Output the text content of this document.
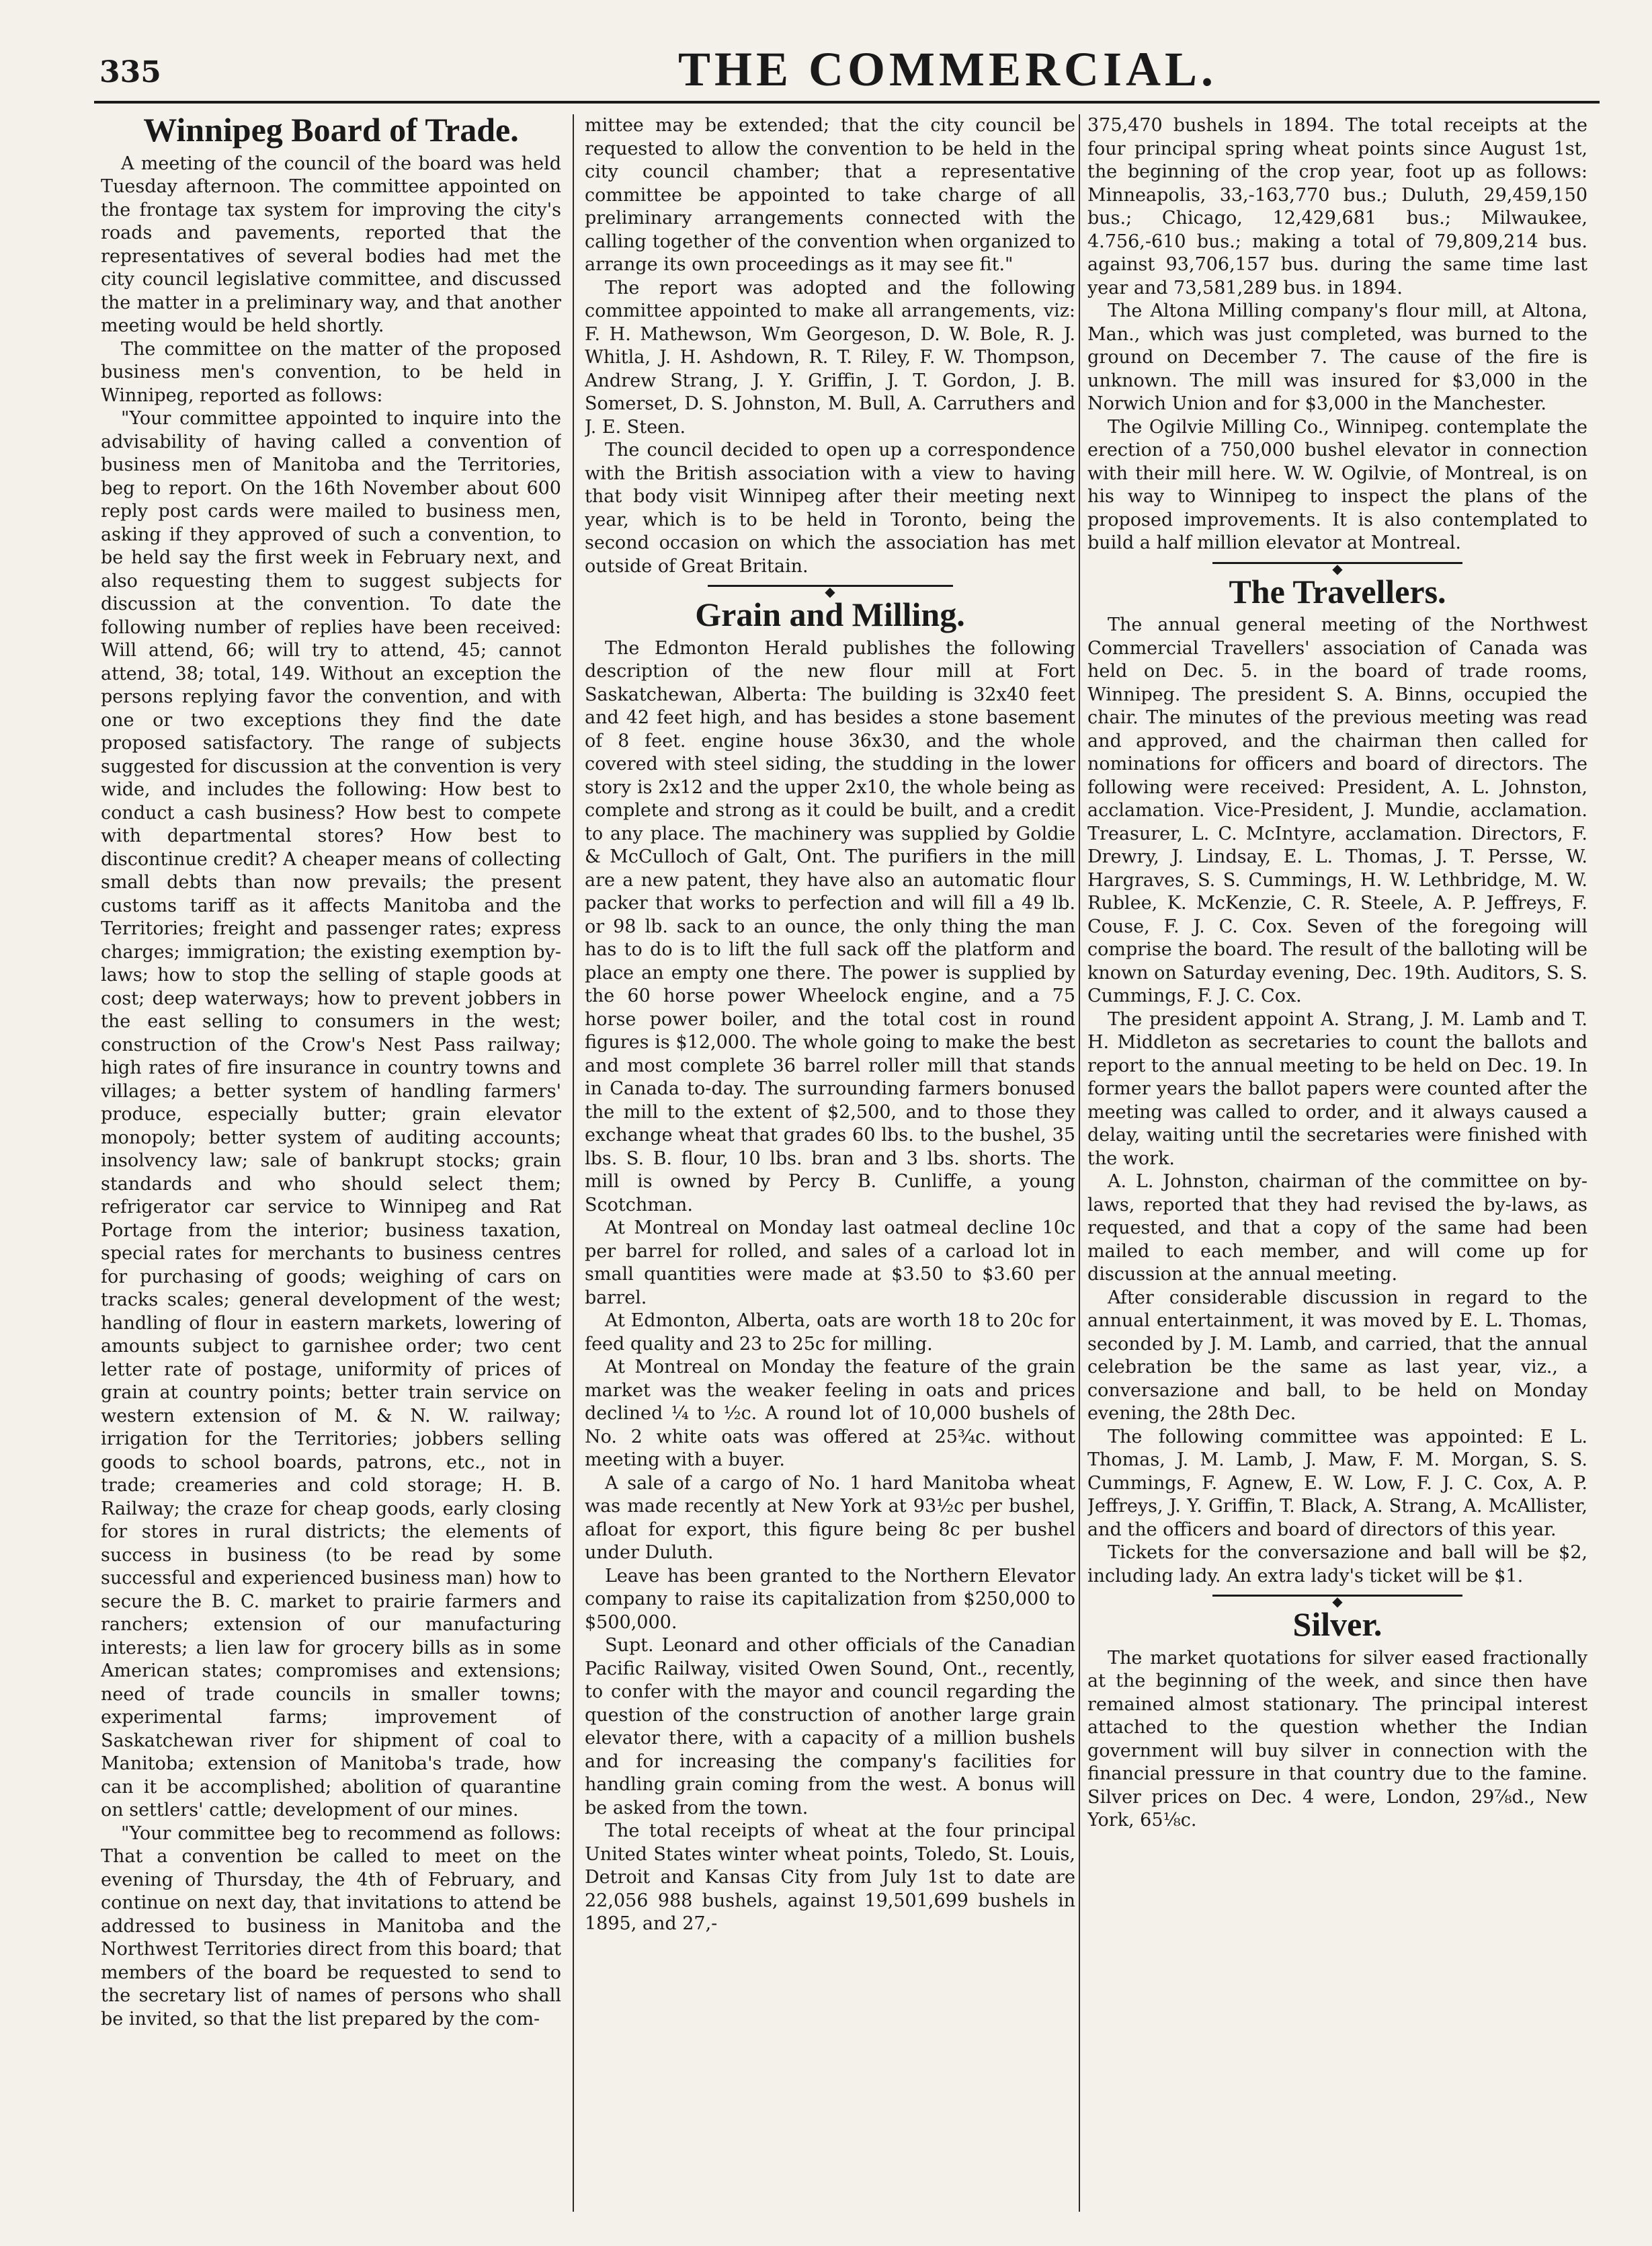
335	THE COMMERCIAL.
Winnipeg Board of Trade.

A meeting of the council of the board was held Tuesday afternoon. The committee appointed on the frontage tax system for improving the city's roads and pavements, reported that the representatives of several bodies had met the city council legislative committee, and discussed the matter in a preliminary way, and that another meeting would be held shortly.

The committee on the matter of the proposed business men's convention, to be held in Winnipeg, reported as follows:

"Your committee appointed to inquire into the advisability of having called a convention of business men of Manitoba and the Territories, beg to report. On the 16th November about 600 reply post cards were mailed to business men, asking if they approved of such a convention, to be held say the first week in February next, and also requesting them to suggest subjects for discussion at the convention. To date the following number of replies have been received: Will attend, 66; will try to attend, 45; cannot attend, 38; total, 149. Without an exception the persons replying favor the convention, and with one or two exceptions they find the date proposed satisfactory. The range of subjects suggested for discussion at the convention is very wide, and includes the following: How best to conduct a cash business? How best to compete with departmental stores? How best to discontinue credit? A cheaper means of collecting small debts than now prevails; the present customs tariff as it affects Manitoba and the Territories; freight and passenger rates; express charges; immigration; the existing exemption by-laws; how to stop the selling of staple goods at cost; deep waterways; how to prevent jobbers in the east selling to consumers in the west; construction of the Crow's Nest Pass railway; high rates of fire insurance in country towns and villages; a better system of handling farmers' produce, especially butter; grain elevator monopoly; better system of auditing accounts; insolvency law; sale of bankrupt stocks; grain standards and who should select them; refrigerator car service to Winnipeg and Rat Portage from the interior; business taxation, special rates for merchants to business centres for purchasing of goods; weighing of cars on tracks scales; general development of the west; handling of flour in eastern markets, lowering of amounts subject to garnishee order; two cent letter rate of postage, uniformity of prices of grain at country points; better train service on western extension of M. & N. W. railway; irrigation for the Territories; jobbers selling goods to school boards, patrons, etc., not in trade; creameries and cold storage; H. B. Railway; the craze for cheap goods, early closing for stores in rural districts; the elements of success in business (to be read by some successful and experienced business man) how to secure the B. C. market to prairie farmers and ranchers; extension of our manufacturing interests; a lien law for grocery bills as in some American states; compromises and extensions; need of trade councils in smaller towns; experimental farms; improvement of Saskatchewan river for shipment of coal to Manitoba; extension of Manitoba's trade, how can it be accomplished; abolition of quarantine on settlers' cattle; development of our mines.

"Your committee beg to recommend as follows: That a convention be called to meet on the evening of Thursday, the 4th of February, and continue on next day, that invitations to attend be addressed to business in Manitoba and the Northwest Territories direct from this board; that members of the board be requested to send to the secretary list of names of persons who shall be invited, so that the list prepared by the com-

mittee may be extended; that the city council be requested to allow the convention to be held in the city council chamber; that a representative committee be appointed to take charge of all preliminary arrangements connected with the calling together of the convention when organized to arrange its own proceedings as it may see fit."

The report was adopted and the following committee appointed to make all arrangements, viz: F. H. Mathewson, Wm Georgeson, D. W. Bole, R. J. Whitla, J. H. Ashdown, R. T. Riley, F. W. Thompson, Andrew Strang, J. Y. Griffin, J. T. Gordon, J. B. Somerset, D. S. Johnston, M. Bull, A. Carruthers and J. E. Steen.

The council decided to open up a correspondence with the British association with a view to having that body visit Winnipeg after their meeting next year, which is to be held in Toronto, being the second occasion on which the association has met outside of Great Britain.

◆
Grain and Milling.

The Edmonton Herald publishes the following description of the new flour mill at Fort Saskatchewan, Alberta: The building is 32x40 feet and 42 feet high, and has besides a stone basement of 8 feet. engine house 36x30, and the whole covered with steel siding, the studding in the lower story is 2x12 and the upper 2x10, the whole being as complete and strong as it could be built, and a credit to any place. The machinery was supplied by Goldie & McCulloch of Galt, Ont. The purifiers in the mill are a new patent, they have also an automatic flour packer that works to perfection and will fill a 49 lb. or 98 lb. sack to an ounce, the only thing the man has to do is to lift the full sack off the platform and place an empty one there. The power is supplied by the 60 horse power Wheelock engine, and a 75 horse power boiler, and the total cost in round figures is $12,000. The whole going to make the best and most complete 36 barrel roller mill that stands in Canada to-day. The surrounding farmers bonused the mill to the extent of $2,500, and to those they exchange wheat that grades 60 lbs. to the bushel, 35 lbs. S. B. flour, 10 lbs. bran and 3 lbs. shorts. The mill is owned by Percy B. Cunliffe, a young Scotchman.

At Montreal on Monday last oatmeal decline 10c per barrel for rolled, and sales of a carload lot in small quantities were made at $3.50 to $3.60 per barrel.

At Edmonton, Alberta, oats are worth 18 to 20c for feed quality and 23 to 25c for milling.

At Montreal on Monday the feature of the grain market was the weaker feeling in oats and prices declined ¼ to ½c. A round lot of 10,000 bushels of No. 2 white oats was offered at 25¾c. without meeting with a buyer.

A sale of a cargo of No. 1 hard Manitoba wheat was made recently at New York at 93½c per bushel, afloat for export, this figure being 8c per bushel under Duluth.

Leave has been granted to the Northern Elevator company to raise its capitalization from $250,000 to $500,000.

Supt. Leonard and other officials of the Canadian Pacific Railway, visited Owen Sound, Ont., recently, to confer with the mayor and council regarding the question of the construction of another large grain elevator there, with a capacity of a million bushels and for increasing the company's facilities for handling grain coming from the west. A bonus will be asked from the town.

The total receipts of wheat at the four principal United States winter wheat points, Toledo, St. Louis, Detroit and Kansas City from July 1st to date are 22,056 988 bushels, against 19,501,699 bushels in 1895, and 27,-

375,470 bushels in 1894. The total receipts at the four principal spring wheat points since August 1st, the beginning of the crop year, foot up as follows: Minneapolis, 33,-163,770 bus.; Duluth, 29,459,150 bus.; Chicago, 12,429,681 bus.; Milwaukee, 4.756,-610 bus.; making a total of 79,809,214 bus. against 93,706,157 bus. during the same time last year and 73,581,289 bus. in 1894.

The Altona Milling company's flour mill, at Altona, Man., which was just completed, was burned to the ground on December 7. The cause of the fire is unknown. The mill was insured for $3,000 in the Norwich Union and for $3,000 in the Manchester.

The Ogilvie Milling Co., Winnipeg. contemplate the erection of a 750,000 bushel elevator in connection with their mill here. W. W. Ogilvie, of Montreal, is on his way to Winnipeg to inspect the plans of the proposed improvements. It is also contemplated to build a half million elevator at Montreal.

◆
The Travellers.

The annual general meeting of the Northwest Commercial Travellers' association of Canada was held on Dec. 5. in the board of trade rooms, Winnipeg. The president S. A. Binns, occupied the chair. The minutes of the previous meeting was read and approved, and the chairman then called for nominations for officers and board of directors. The following were received: President, A. L. Johnston, acclamation. Vice-President, J. Mundie, acclamation. Treasurer, L. C. McIntyre, acclamation. Directors, F. Drewry, J. Lindsay, E. L. Thomas, J. T. Persse, W. Hargraves, S. S. Cummings, H. W. Lethbridge, M. W. Rublee, K. McKenzie, C. R. Steele, A. P. Jeffreys, F. Couse, F. J. C. Cox. Seven of the foregoing will comprise the board. The result of the balloting will be known on Saturday evening, Dec. 19th. Auditors, S. S. Cummings, F. J. C. Cox.

The president appoint A. Strang, J. M. Lamb and T. H. Middleton as secretaries to count the ballots and report to the annual meeting to be held on Dec. 19. In former years the ballot papers were counted after the meeting was called to order, and it always caused a delay, waiting until the secretaries were finished with the work.

A. L. Johnston, chairman of the committee on by-laws, reported that they had revised the by-laws, as requested, and that a copy of the same had been mailed to each member, and will come up for discussion at the annual meeting.

After considerable discussion in regard to the annual entertainment, it was moved by E. L. Thomas, seconded by J. M. Lamb, and carried, that the annual celebration be the same as last year, viz., a conversazione and ball, to be held on Monday evening, the 28th Dec.

The following committee was appointed: E L. Thomas, J. M. Lamb, J. Maw, F. M. Morgan, S. S. Cummings, F. Agnew, E. W. Low, F. J. C. Cox, A. P. Jeffreys, J. Y. Griffin, T. Black, A. Strang, A. McAllister, and the officers and board of directors of this year.

Tickets for the conversazione and ball will be $2, including lady. An extra lady's ticket will be $1.

◆
Silver.

The market quotations for silver eased fractionally at the beginning of the week, and since then have remained almost stationary. The principal interest attached to the question whether the Indian government will buy silver in connection with the financial pressure in that country due to the famine. Silver prices on Dec. 4 were, London, 29⅞d., New York, 65⅛c.
